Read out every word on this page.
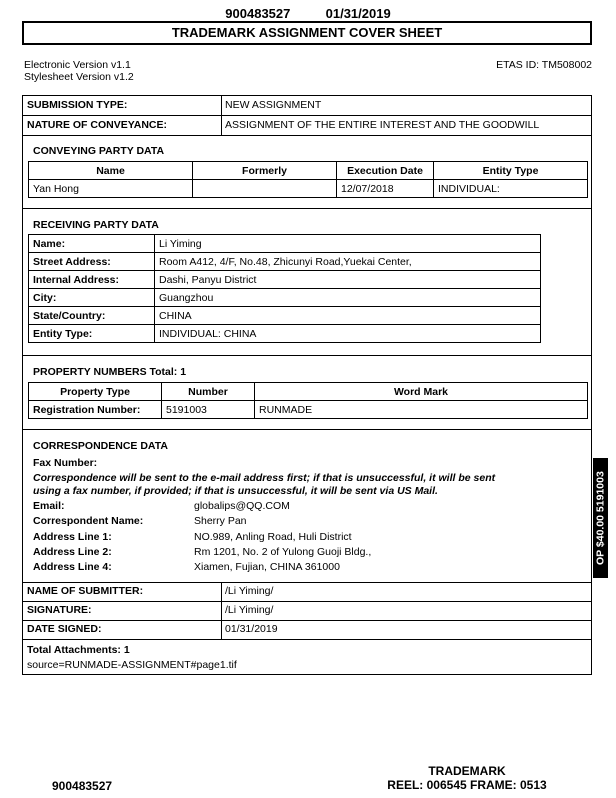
900483527	01/31/2019
TRADEMARK ASSIGNMENT COVER SHEET
Electronic Version v1.1
Stylesheet Version v1.2
ETAS ID: TM508002
SUBMISSION TYPE:	NEW ASSIGNMENT
NATURE OF CONVEYANCE:	ASSIGNMENT OF THE ENTIRE INTEREST AND THE GOODWILL
CONVEYING PARTY DATA
Name	Formerly	Execution Date	Entity Type
Yan Hong		12/07/2018	INDIVIDUAL:
RECEIVING PARTY DATA
Name:	Li Yiming
Street Address:	Room A412, 4/F, No.48, Zhicunyi Road,Yuekai Center,
Internal Address:	Dashi, Panyu District
City:	Guangzhou
State/Country:	CHINA
Entity Type:	INDIVIDUAL: CHINA
PROPERTY NUMBERS Total: 1
Property Type	Number	Word Mark
Registration Number:	5191003	RUNMADE
CORRESPONDENCE DATA
Fax Number:
Correspondence will be sent to the e-mail address first; if that is unsuccessful, it will be sent
using a fax number, if provided; if that is unsuccessful, it will be sent via US Mail.
Email:	globalips@QQ.COM
Correspondent Name:	Sherry Pan
Address Line 1:	NO.989, Anling Road, Huli District
Address Line 2:	Rm 1201, No. 2 of Yulong Guoji Bldg.,
Address Line 4:	Xiamen, Fujian, CHINA 361000
NAME OF SUBMITTER:	/Li Yiming/
SIGNATURE:	/Li Yiming/
DATE SIGNED:	01/31/2019
Total Attachments: 1
source=RUNMADE-ASSIGNMENT#page1.tif
OP $40.00 5191003
900483527
TRADEMARK
REEL: 006545 FRAME: 0513
